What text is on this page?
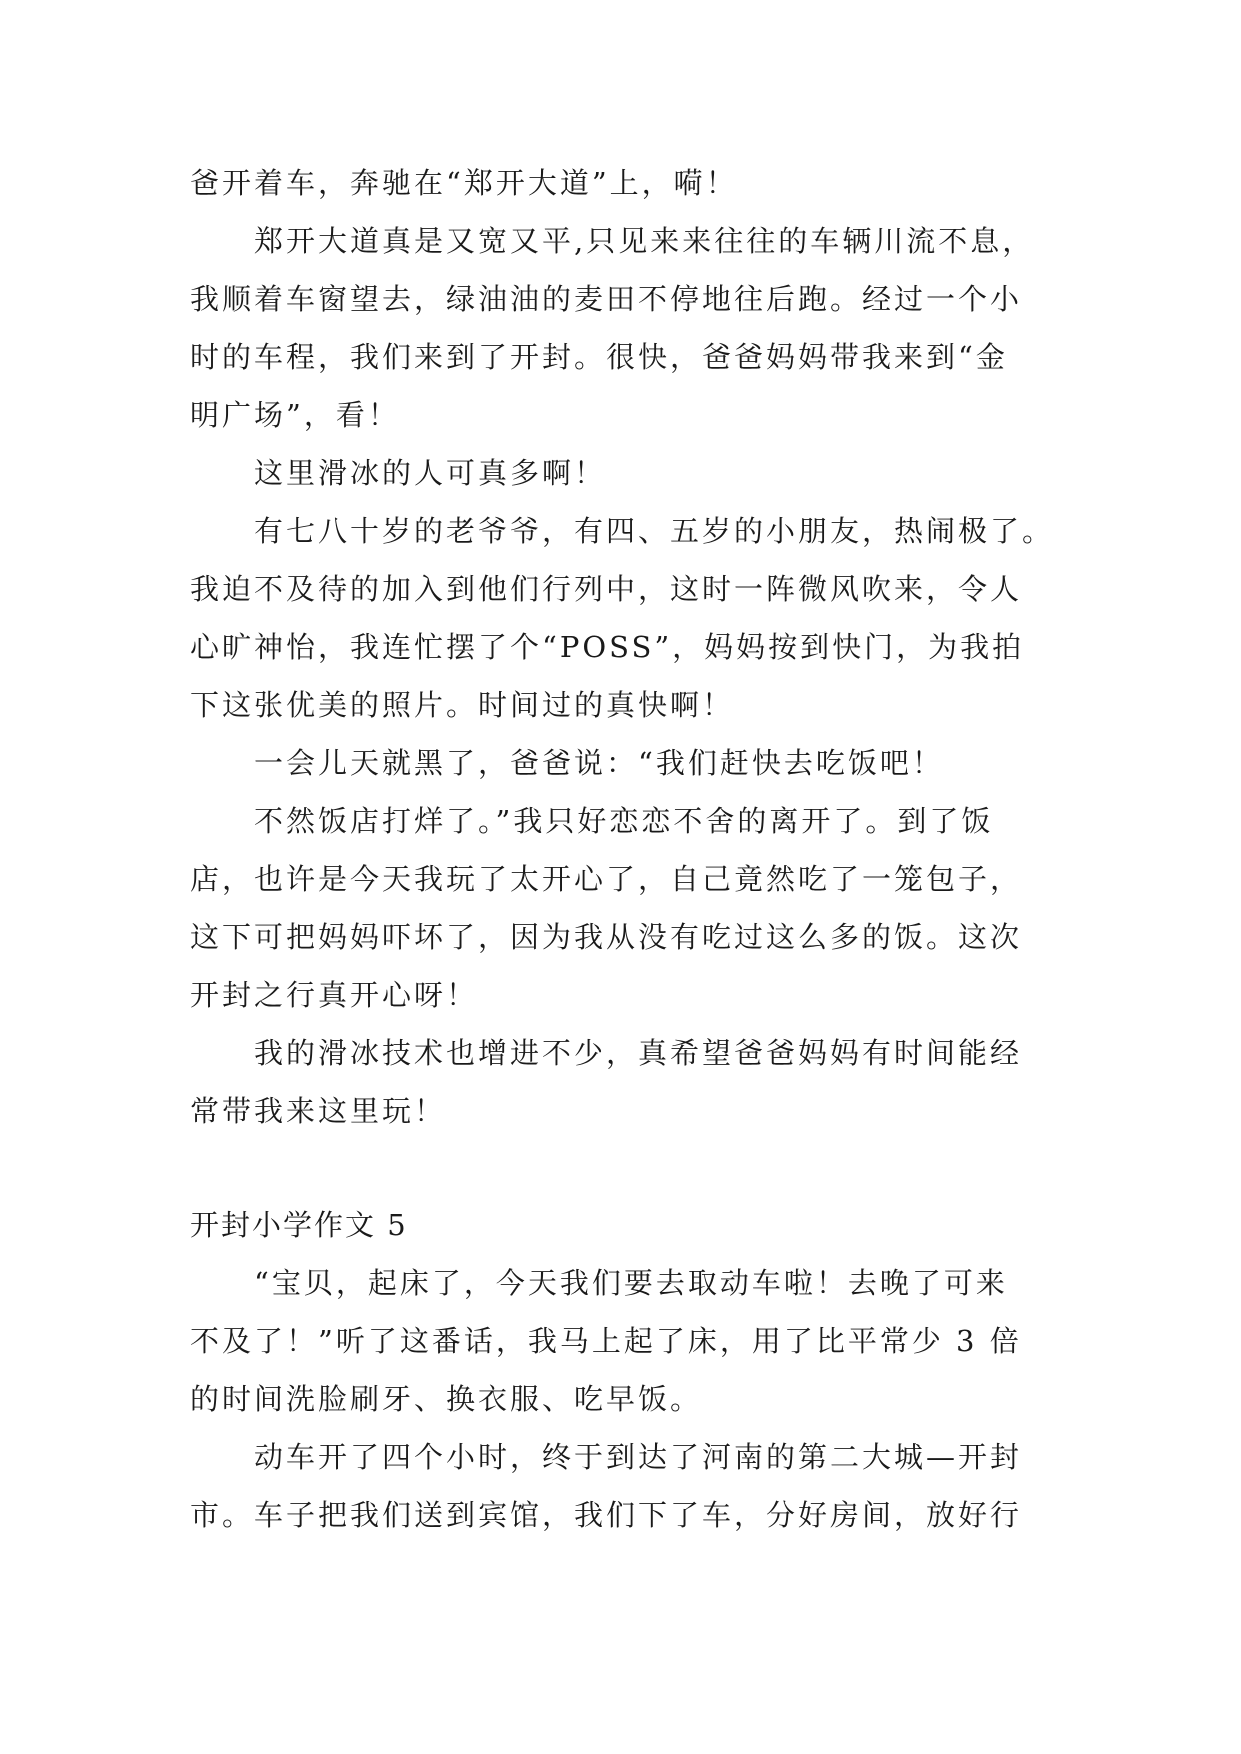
爸开着车，奔驰在“郑开大道”上，嗬！
郑开大道真是又宽又平,只见来来往往的车辆川流不息，
我顺着车窗望去，绿油油的麦田不停地往后跑。经过一个小
时的车程，我们来到了开封。很快，爸爸妈妈带我来到“金
明广场”，看！
这里滑冰的人可真多啊！
有七八十岁的老爷爷，有四、五岁的小朋友，热闹极了。
我迫不及待的加入到他们行列中，这时一阵微风吹来，令人
心旷神怡，我连忙摆了个“POSS”，妈妈按到快门，为我拍
下这张优美的照片。时间过的真快啊！
一会儿天就黑了，爸爸说：“我们赶快去吃饭吧！
不然饭店打烊了。”我只好恋恋不舍的离开了。到了饭
店，也许是今天我玩了太开心了，自己竟然吃了一笼包子，
这下可把妈妈吓坏了，因为我从没有吃过这么多的饭。这次
开封之行真开心呀！
我的滑冰技术也增进不少，真希望爸爸妈妈有时间能经
常带我来这里玩！
开封小学作文 5
“宝贝，起床了，今天我们要去取动车啦！去晚了可来
不及了！”听了这番话，我马上起了床，用了比平常少 3 倍
的时间洗脸刷牙、换衣服、吃早饭。
动车开了四个小时，终于到达了河南的第二大城—开封
市。车子把我们送到宾馆，我们下了车，分好房间，放好行
